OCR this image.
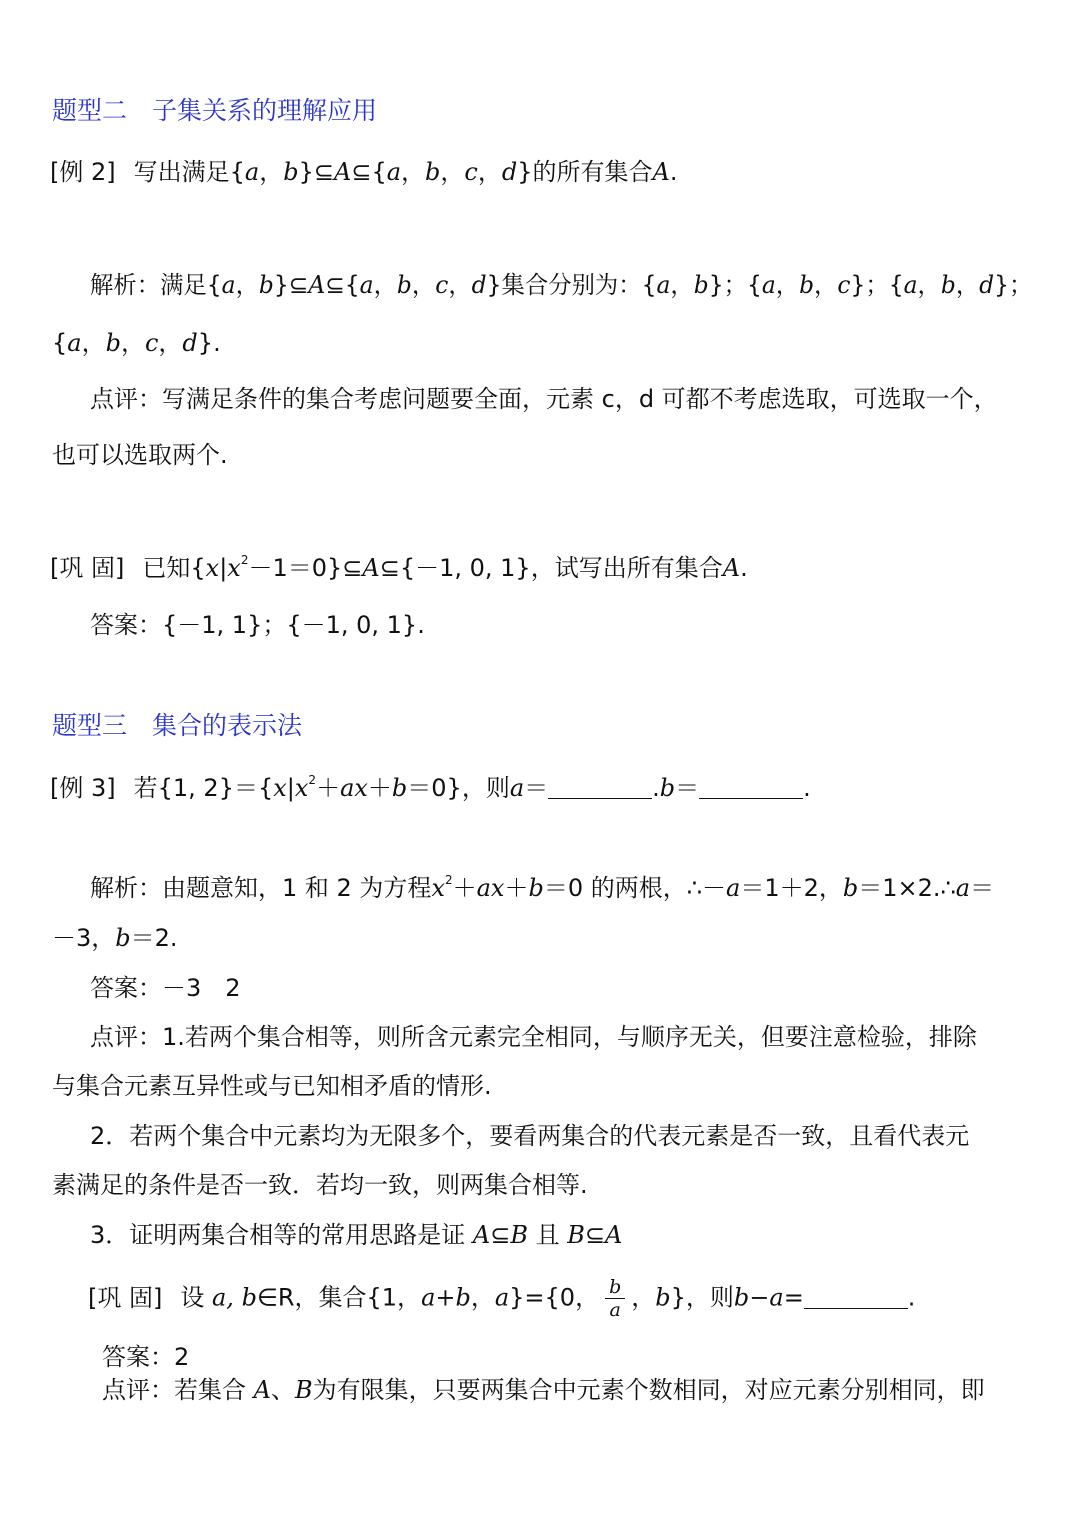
题型二　子集关系的理解应用
[例 2] 写出满足{a，b}⊆A⊆{a，b，c，d}的所有集合A.
解析：满足{a，b}⊆A⊆{a，b，c，d}集合分别为：{a，b}；{a，b，c}；{a，b，d}；
{a，b，c，d}.
点评：写满足条件的集合考虑问题要全面，元素 c，d 可都不考虑选取，可选取一个，
也可以选取两个.
[巩 固] 已知$\{x|x^2-1=0\}⊆A⊆\{-1$, 0, 1}，试写出所有集合A.
答案：{－1, 1}；{－1, 0, 1}.
题型三　集合的表示法
[例 3] 若{1, $2\}=\{x|x^2+ax+b=0\}$，则a＝	.b＝	.
解析：由题意知，1 和 2 为方程$x^2+ax+b=0$ 的两根，∴－a＝1＋2，b＝1×2.∴a＝
－3，b＝2.
答案：－3　2
点评：1.若两个集合相等，则所含元素完全相同，与顺序无关，但要注意检验，排除
与集合元素互异性或与已知相矛盾的情形.
2．若两个集合中元素均为无限多个，要看两集合的代表元素是否一致，且看代表元
素满足的条件是否一致．若均一致，则两集合相等.
3．证明两集合相等的常用思路是证 A⊆B 且 B⊆A
[巩 固] 设 a, b∈R，集合{1，a+b，a}={0， $\frac{b}{a}$ ，b}，则b−a=	.
答案：2
点评：若集合 A、B为有限集，只要两集合中元素个数相同，对应元素分别相同，即
